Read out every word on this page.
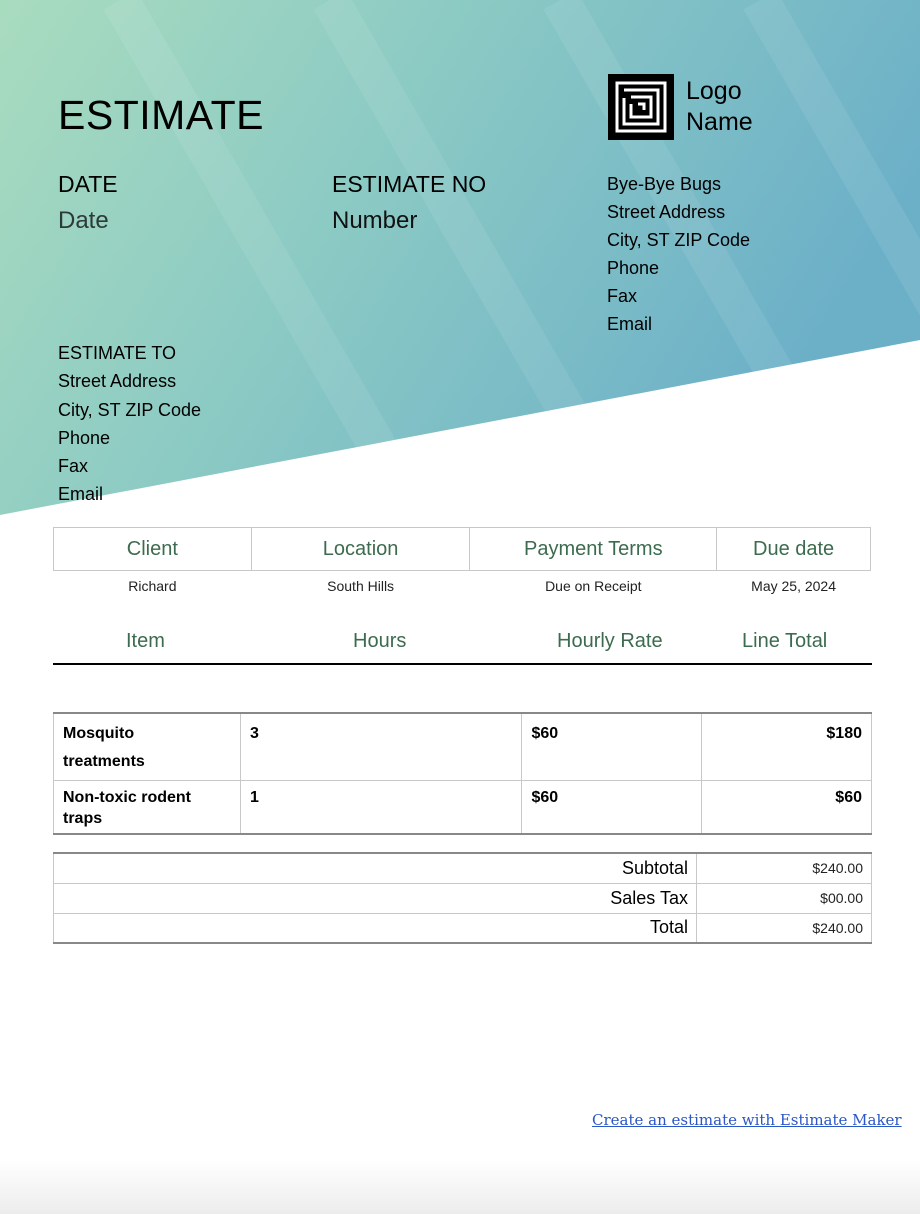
ESTIMATE
DATE
Date
ESTIMATE NO
Number
Logo
Name
Bye-Bye Bugs
Street Address
City, ST ZIP Code
Phone
Fax
Email
ESTIMATE TO
Street Address
City, ST ZIP Code
Phone
Fax
Email
Client	Location	Payment Terms	Due date
Richard	South Hills	Due on Receipt	May 25, 2024
Item	Hours	Hourly Rate	Line Total
Mosquito treatments	3	$60	$180

Non-toxic rodent traps	1	$60	$60
Subtotal	$240.00
Sales Tax	$00.00
Total	$240.00
Create an estimate with Estimate Maker
